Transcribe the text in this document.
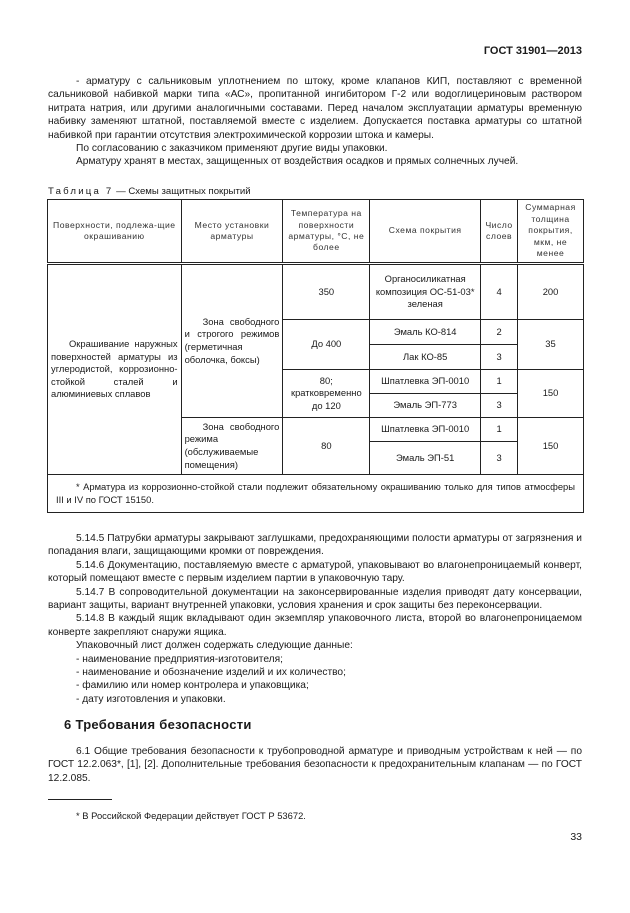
ГОСТ 31901—2013

- арматуру с сальниковым уплотнением по штоку, кроме клапанов КИП, поставляют с временной сальниковой набивкой марки типа «АС», пропитанной ингибитором Г-2 или водоглицериновым раствором нитрата натрия, или другими аналогичными составами. Перед началом эксплуатации арматуры временную набивку заменяют штатной, поставляемой вместе с изделием. Допускается поставка арматуры со штатной набивкой при гарантии отсутствия электрохимической коррозии штока и камеры.

По согласованию с заказчиком применяют другие виды упаковки.

Арматуру хранят в местах, защищенных от воздействия осадков и прямых солнечных лучей.

Таблица 7 — Схемы защитных покрытий
Поверхности, подлежа-щие окрашиванию	Место установки арматуры	Температура на поверхности арматуры, °С, не более	Схема покрытия	Число слоев	Суммарная толщина покрытия, мкм, не менее
Окрашивание наружных поверхностей арматуры из углеродистой, коррозионно-стойкой сталей и алюминиевых сплавов	Зона свободного и строгого режимов (герметичная оболочка, боксы)	350	Органосиликатная композиция ОС-51-03* зеленая	4	200
		До 400	Эмаль КО-814	2	35
			Лак КО-85	3	
		80; кратковременно до 120	Шпатлевка ЭП-0010	1	150
			Эмаль ЭП-773	3	
	Зона свободного режима (обслуживаемые помещения)	80	Шпатлевка ЭП-0010	1	150
			Эмаль ЭП-51	3	
* Арматура из коррозионно-стойкой стали подлежит обязательному окрашиванию только для типов атмосферы III и IV по ГОСТ 15150.					

5.14.5 Патрубки арматуры закрывают заглушками, предохраняющими полости арматуры от загрязнения и попадания влаги, защищающими кромки от повреждения.

5.14.6 Документацию, поставляемую вместе с арматурой, упаковывают во влагонепроницаемый конверт, который помещают вместе с первым изделием партии в упаковочную тару.

5.14.7 В сопроводительной документации на законсервированные изделия приводят дату консервации, вариант защиты, вариант внутренней упаковки, условия хранения и срок защиты без переконсервации.

5.14.8 В каждый ящик вкладывают один экземпляр упаковочного листа, второй во влагонепроницаемом конверте закрепляют снаружи ящика.

Упаковочный лист должен содержать следующие данные:

- наименование предприятия-изготовителя;

- наименование и обозначение изделий и их количество;

- фамилию или номер контролера и упаковщика;

- дату изготовления и упаковки.

6 Требования безопасности

6.1 Общие требования безопасности к трубопроводной арматуре и приводным устройствам к ней — по ГОСТ 12.2.063*, [1], [2]. Дополнительные требования безопасности к предохранительным клапанам — по ГОСТ 12.2.085.

* В Российской Федерации действует ГОСТ Р 53672.
33
